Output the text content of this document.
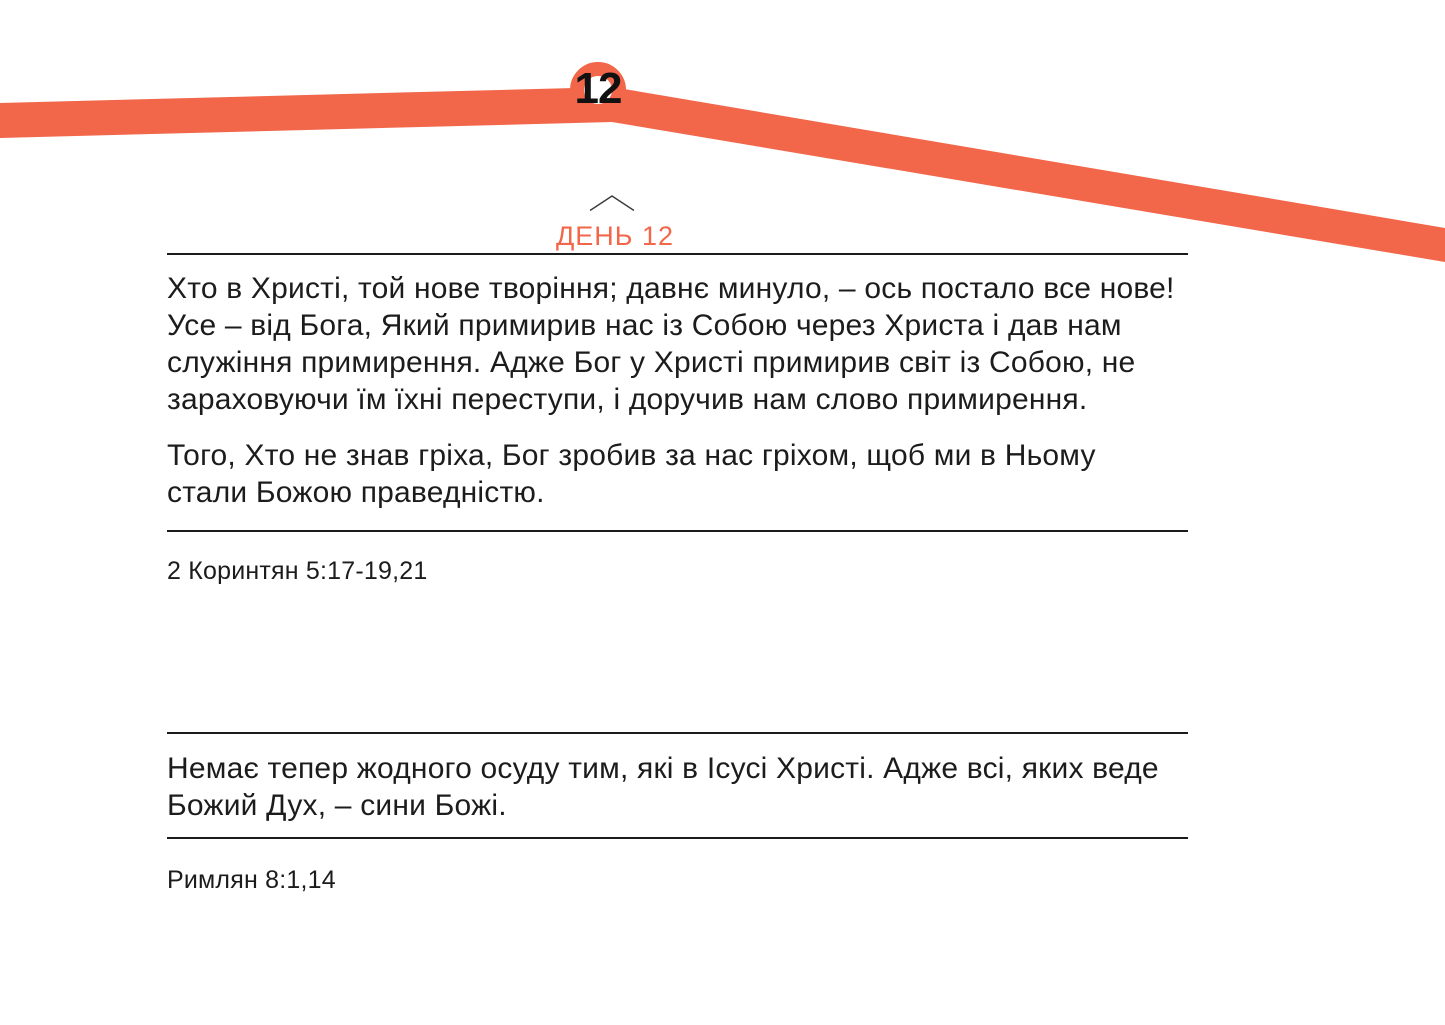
12
ДЕНЬ 12
Хто в Христі, той нове творіння; давнє минуло, – ось постало все нове!
Усе – від Бога, Який примирив нас із Собою через Христа і дав нам
служіння примирення. Адже Бог у Христі примирив світ із Собою, не
зараховуючи їм їхні переступи, і доручив нам слово примирення.
Того, Хто не знав гріха, Бог зробив за нас гріхом, щоб ми в Ньому
стали Божою праведністю.
2 Коринтян 5:17-19,21
Немає тепер жодного осуду тим, які в Ісусі Христі. Адже всі, яких веде
Божий Дух, – сини Божі.
Римлян 8:1,14
